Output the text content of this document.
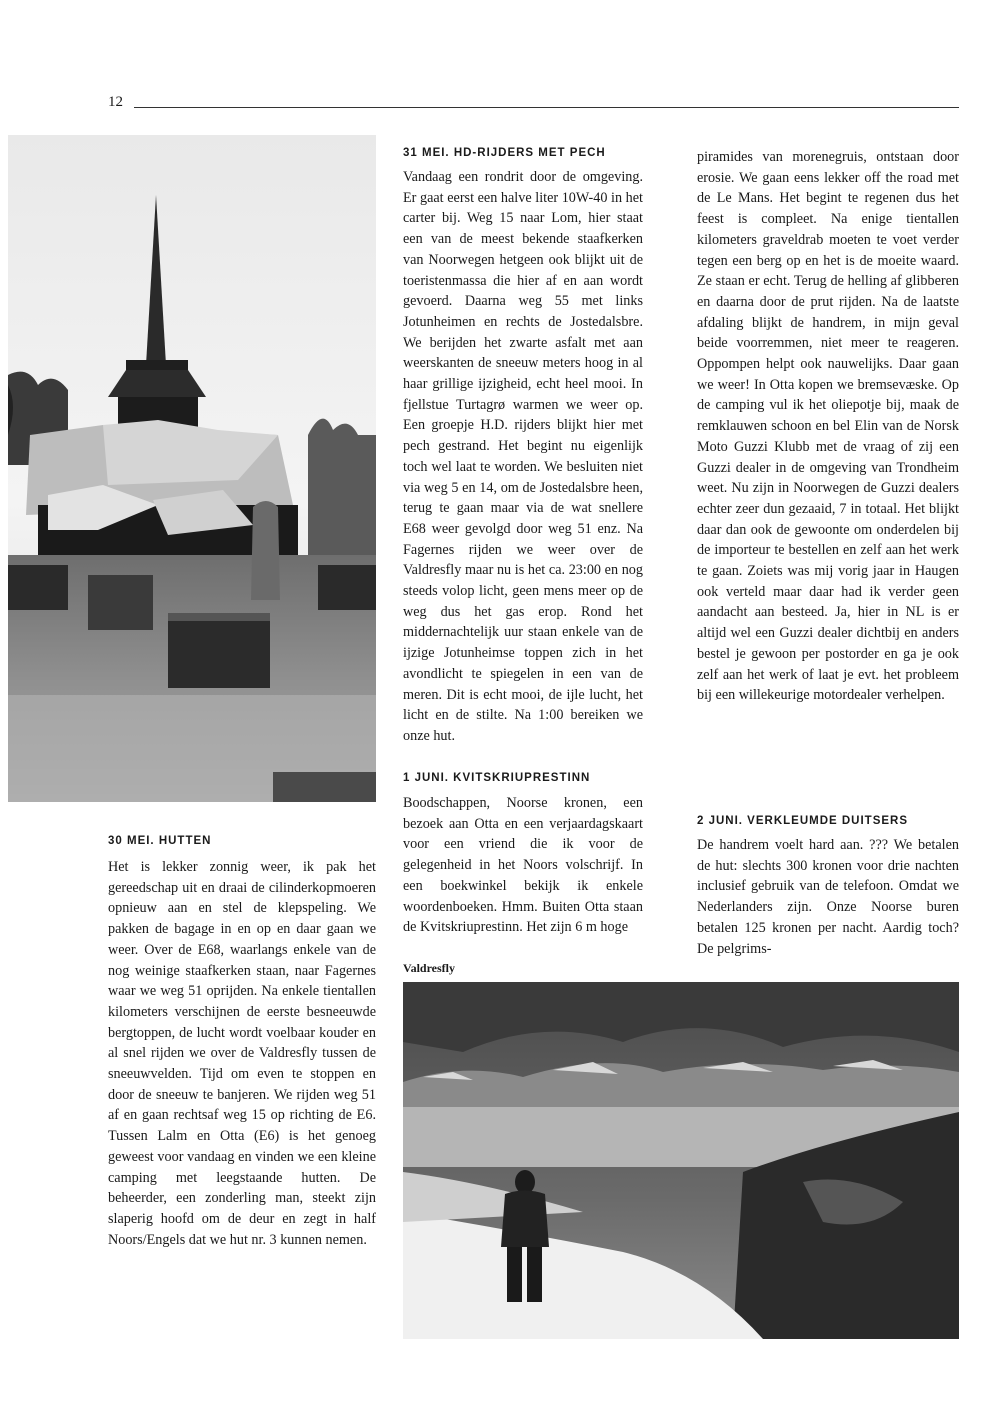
12
30 MEI. HUTTEN

Het is lekker zonnig weer, ik pak het gereedschap uit en draai de cilinderkopmoeren opnieuw aan en stel de klepspeling. We pakken de bagage in en op en daar gaan we weer. Over de E68, waarlangs enkele van de nog weinige staafkerken staan, naar Fagernes waar we weg 51 oprijden. Na enkele tientallen kilometers verschijnen de eerste besneeuwde bergtoppen, de lucht wordt voelbaar kouder en al snel rijden we over de Valdresfly tussen de sneeuwvelden. Tijd om even te stoppen en door de sneeuw te banjeren. We rijden weg 51 af en gaan rechtsaf weg 15 op richting de E6. Tussen Lalm en Otta (E6) is het genoeg geweest voor vandaag en vinden we een kleine camping met leegstaande hutten. De beheerder, een zonderling man, steekt zijn slaperig hoofd om de deur en zegt in half Noors/Engels dat we hut nr. 3 kunnen nemen.

31 MEI. HD-RIJDERS MET PECH

Vandaag een rondrit door de omgeving. Er gaat eerst een halve liter 10W-40 in het carter bij. Weg 15 naar Lom, hier staat een van de meest bekende staafkerken van Noorwegen hetgeen ook blijkt uit de toeristenmassa die hier af en aan wordt gevoerd. Daarna weg 55 met links Jotunheimen en rechts de Jostedalsbre. We berijden het zwarte asfalt met aan weerskanten de sneeuw meters hoog in al haar grillige ijzigheid, echt heel mooi. In fjellstue Turtagrø warmen we weer op. Een groepje H.D. rijders blijkt hier met pech gestrand. Het begint nu eigenlijk toch wel laat te worden. We besluiten niet via weg 5 en 14, om de Jostedalsbre heen, terug te gaan maar via de wat snellere E68 weer gevolgd door weg 51 enz. Na Fagernes rijden we weer over de Valdresfly maar nu is het ca. 23:00 en nog steeds volop licht, geen mens meer op de weg dus het gas erop. Rond het middernachtelijk uur staan enkele van de ijzige Jotunheimse toppen zich in het avondlicht te spiegelen in een van de meren. Dit is echt mooi, de ijle lucht, het licht en de stilte. Na 1:00 bereiken we onze hut.

1 JUNI. KVITSKRIUPRESTINN

Boodschappen, Noorse kronen, een bezoek aan Otta en een verjaardagskaart voor een vriend die ik voor de gelegenheid in het Noors volschrijf. In een boekwinkel bekijk ik enkele woordenboeken. Hmm. Buiten Otta staan de Kvitskriuprestinn. Het zijn 6 m hoge

piramides van morenegruis, ontstaan door erosie. We gaan eens lekker off the road met de Le Mans. Het begint te regenen dus het feest is compleet. Na enige tientallen kilometers graveldrab moeten te voet verder tegen een berg op en het is de moeite waard. Ze staan er echt. Terug de helling af glibberen en daarna door de prut rijden. Na de laatste afdaling blijkt de handrem, in mijn geval beide voorremmen, niet meer te reageren. Oppompen helpt ook nauwelijks. Daar gaan we weer! In Otta kopen we bremsevæske. Op de camping vul ik het oliepotje bij, maak de remklauwen schoon en bel Elin van de Norsk Moto Guzzi Klubb met de vraag of zij een Guzzi dealer in de omgeving van Trondheim weet. Nu zijn in Noorwegen de Guzzi dealers echter zeer dun gezaaid, 7 in totaal. Het blijkt daar dan ook de gewoonte om onderdelen bij de importeur te bestellen en zelf aan het werk te gaan. Zoiets was mij vorig jaar in Haugen ook verteld maar daar had ik verder geen aandacht aan besteed. Ja, hier in NL is er altijd wel een Guzzi dealer dichtbij en anders bestel je gewoon per postorder en ga je ook zelf aan het werk of laat je evt. het probleem bij een willekeurige motordealer verhelpen.

2 JUNI. VERKLEUMDE DUITSERS

De handrem voelt hard aan. ??? We betalen de hut: slechts 300 kronen voor drie nachten inclusief gebruik van de telefoon. Omdat we Nederlanders zijn. Onze Noorse buren betalen 125 kronen per nacht. Aardig toch? De pelgrims-

Valdresfly
